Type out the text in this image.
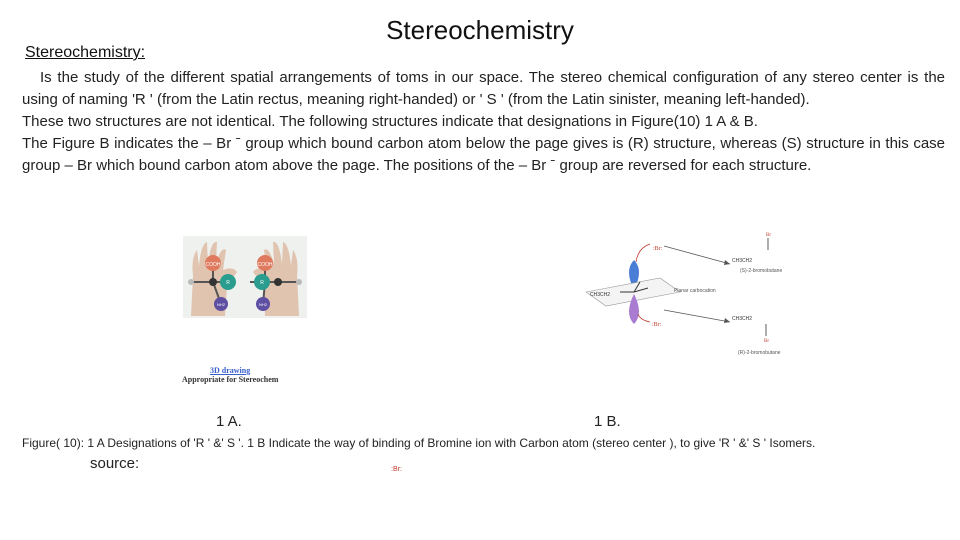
Stereochemistry
Stereochemistry:

Is the study of the different spatial arrangements of toms in our space. The stereo chemical configuration of any stereo center is the using of naming 'R ' (from the Latin rectus, meaning right-handed) or ' S ' (from the Latin sinister, meaning left-handed).

These two structures are not identical. The following structures indicate that designations in Figure(10) 1 A & B.

The Figure B indicates the – Br ˉ group which bound carbon atom below the page gives is (R) structure, whereas (S) structure in this case group – Br which bound carbon atom above the page. The positions of the – Br ˉ group are reversed for each structure.

COOH
R
NH2
COOH
R
NH2
3D drawing
Appropriate for Stereochem
:Br:
CH3CH2
Planar carbocation
:Br:
Br
CH3CH2
(S)-2-bromobutane
CH3CH2
Br
(R)-2-bromobutane
1 A.	1 B.
Figure( 10): 1 A Designations of 'R ' &' S '. 1 B Indicate the way of binding of Bromine ion with Carbon atom (stereo center ), to give 'R ' &' S ' Isomers.
source:	:Br:
